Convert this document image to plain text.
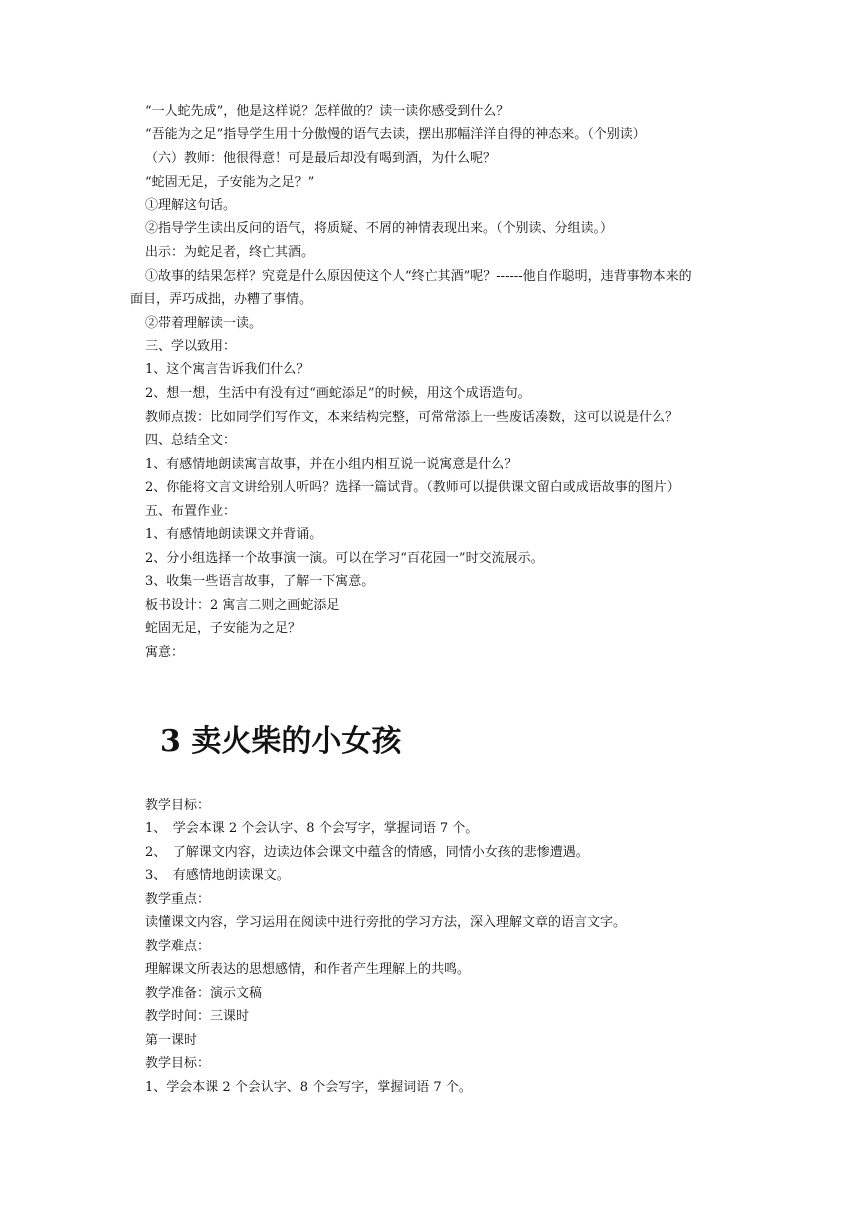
“一人蛇先成”，他是这样说？怎样做的？读一读你感受到什么？

“吾能为之足”指导学生用十分傲慢的语气去读，摆出那幅洋洋自得的神态来。（个别读）

（六）教师：他很得意！可是最后却没有喝到酒，为什么呢？

“蛇固无足，子安能为之足？”

①理解这句话。

②指导学生读出反问的语气，将质疑、不屑的神情表现出来。（个别读、分组读。）

出示：为蛇足者，终亡其酒。

①故事的结果怎样？究竟是什么原因使这个人“终亡其酒”呢？------他自作聪明，违背事物本来的

面目，弄巧成拙，办糟了事情。

②带着理解读一读。

三、学以致用：

1、这个寓言告诉我们什么？

2、想一想，生活中有没有过“画蛇添足”的时候，用这个成语造句。

教师点拨：比如同学们写作文，本来结构完整，可常常添上一些废话凑数，这可以说是什么？

四、总结全文：

1、有感情地朗读寓言故事，并在小组内相互说一说寓意是什么？

2、你能将文言文讲给别人听吗？选择一篇试背。（教师可以提供课文留白或成语故事的图片）

五、布置作业：

1、有感情地朗读课文并背诵。

2、分小组选择一个故事演一演。可以在学习“百花园一”时交流展示。

3、收集一些语言故事，了解一下寓意。

板书设计：2 寓言二则之画蛇添足

蛇固无足，子安能为之足？

寓意：

3 卖火柴的小女孩

教学目标：

1、　学会本课 2 个会认字、8 个会写字，掌握词语 7 个。

2、　了解课文内容，边读边体会课文中蕴含的情感，同情小女孩的悲惨遭遇。

3、　有感情地朗读课文。

教学重点：

读懂课文内容，学习运用在阅读中进行旁批的学习方法，深入理解文章的语言文字。

教学难点：

理解课文所表达的思想感情，和作者产生理解上的共鸣。

教学准备：演示文稿

教学时间：三课时

第一课时

教学目标：

1、学会本课 2 个会认字、8 个会写字，掌握词语 7 个。
